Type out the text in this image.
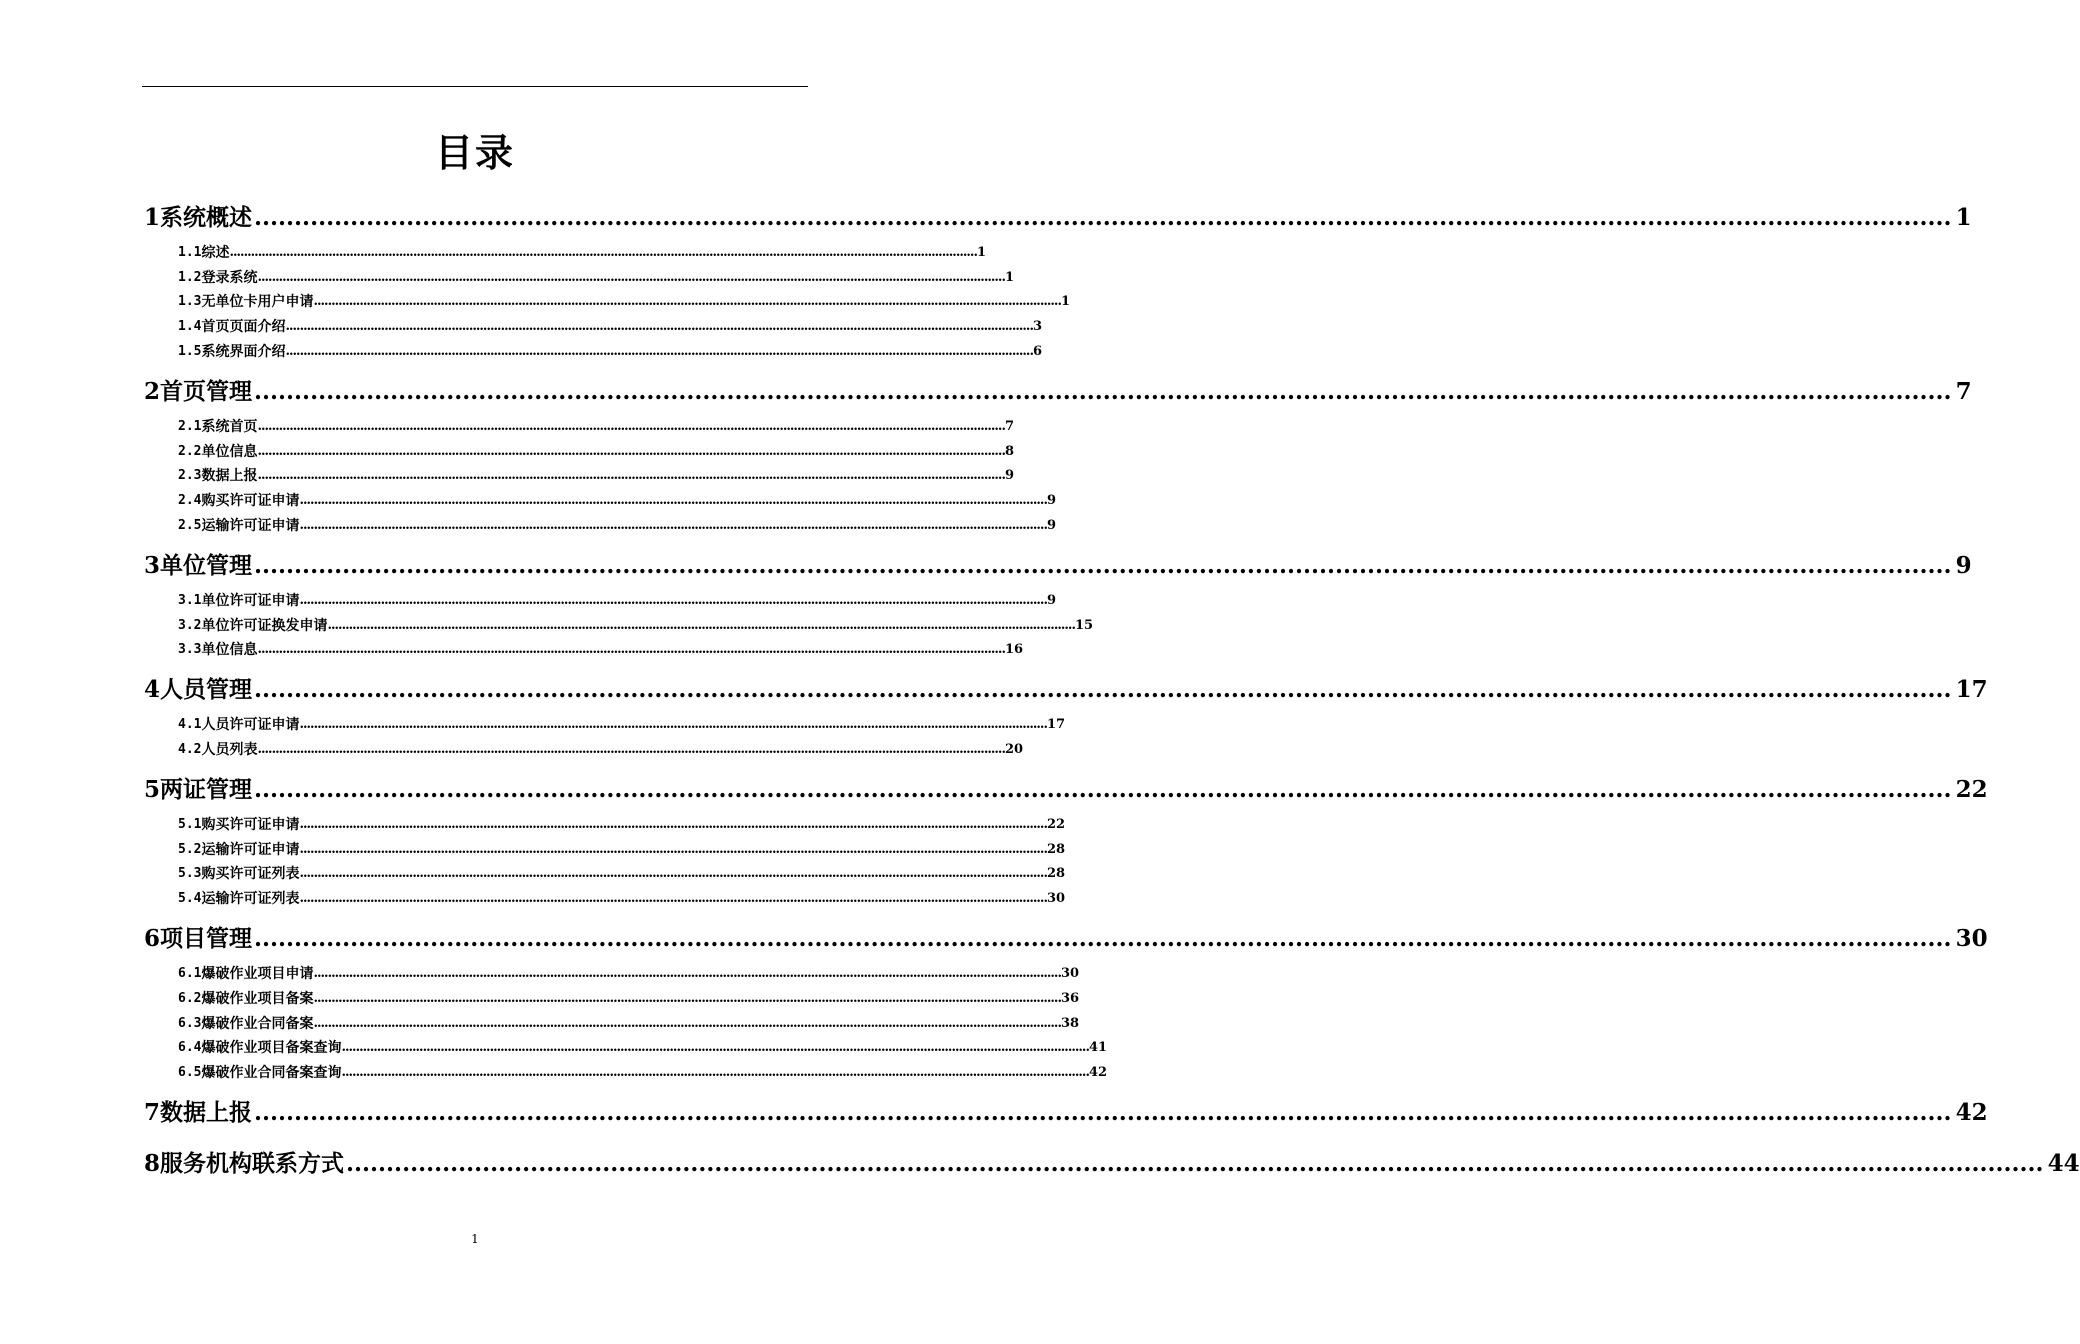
目录
1 系统概述 .................................................................................................................................................................................................................... 1
1.1 综述 .................................................................................................................................................................................................................... 1
1.2 登录系统 .................................................................................................................................................................................................................... 1
1.3 无单位卡用户申请 .................................................................................................................................................................................................................... 1
1.4 首页页面介绍 .................................................................................................................................................................................................................... 3
1.5 系统界面介绍 .................................................................................................................................................................................................................... 6
2 首页管理 .................................................................................................................................................................................................................... 7
2.1 系统首页 .................................................................................................................................................................................................................... 7
2.2 单位信息 .................................................................................................................................................................................................................... 8
2.3 数据上报 .................................................................................................................................................................................................................... 9
2.4 购买许可证申请 .................................................................................................................................................................................................................... 9
2.5 运输许可证申请 .................................................................................................................................................................................................................... 9
3 单位管理 .................................................................................................................................................................................................................... 9
3.1 单位许可证申请 .................................................................................................................................................................................................................... 9
3.2 单位许可证换发申请 .................................................................................................................................................................................................................... 15
3.3 单位信息 .................................................................................................................................................................................................................... 16
4 人员管理 .................................................................................................................................................................................................................... 17
4.1 人员许可证申请 .................................................................................................................................................................................................................... 17
4.2 人员列表 .................................................................................................................................................................................................................... 20
5 两证管理 .................................................................................................................................................................................................................... 22
5.1 购买许可证申请 .................................................................................................................................................................................................................... 22
5.2 运输许可证申请 .................................................................................................................................................................................................................... 28
5.3 购买许可证列表 .................................................................................................................................................................................................................... 28
5.4 运输许可证列表 .................................................................................................................................................................................................................... 30
6 项目管理 .................................................................................................................................................................................................................... 30
6.1 爆破作业项目申请 .................................................................................................................................................................................................................... 30
6.2 爆破作业项目备案 .................................................................................................................................................................................................................... 36
6.3 爆破作业合同备案 .................................................................................................................................................................................................................... 38
6.4 爆破作业项目备案查询 .................................................................................................................................................................................................................... 41
6.5 爆破作业合同备案查询 .................................................................................................................................................................................................................... 42
7 数据上报 .................................................................................................................................................................................................................... 42
8 服务机构联系方式 .................................................................................................................................................................................................................... 44
1
